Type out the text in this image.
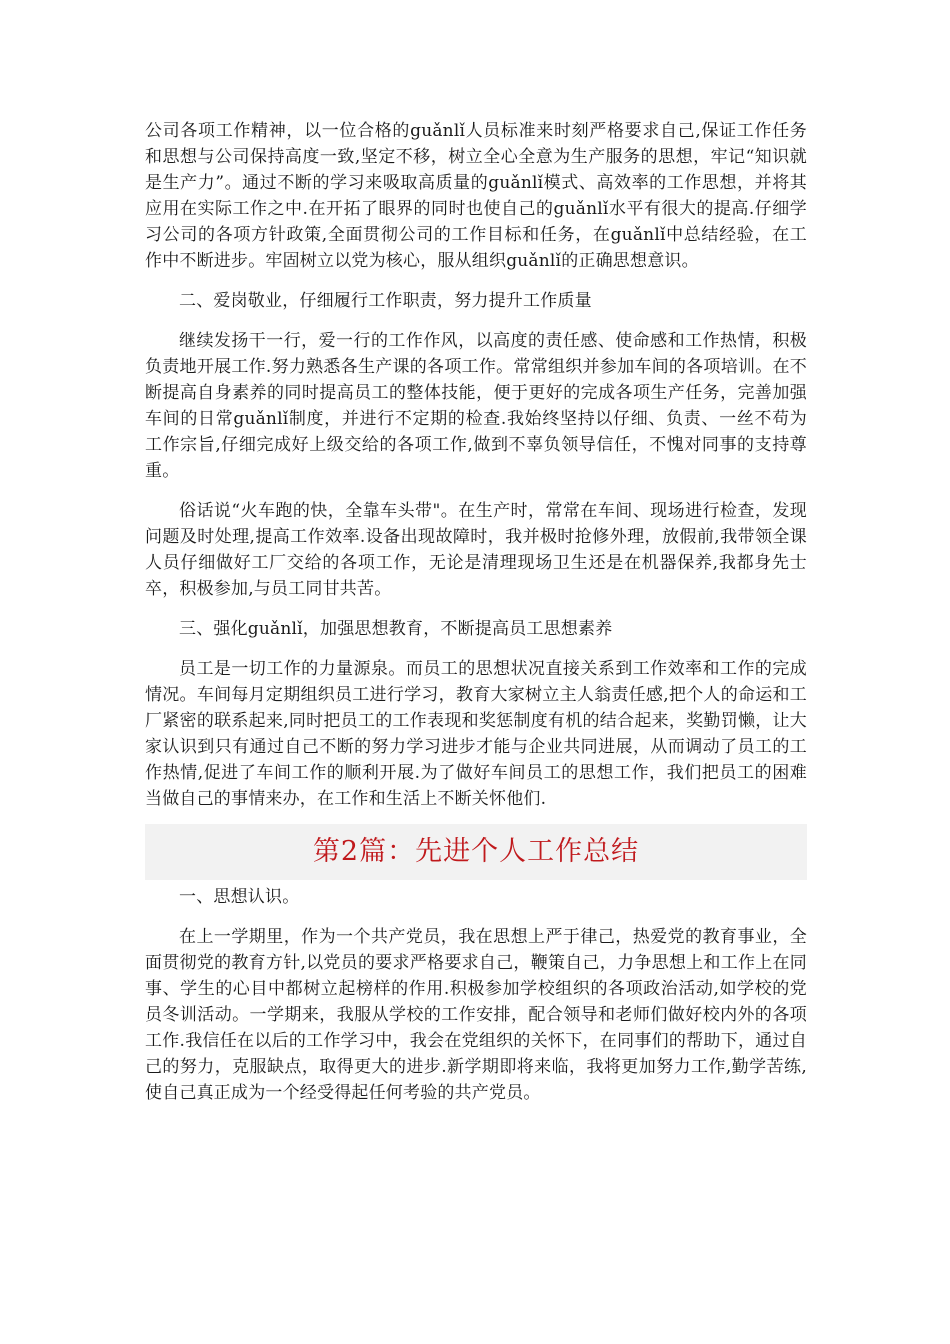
公司各项工作精神，以一位合格的guǎnlǐ人员标准来时刻严格要求自己,保证工作任务和思想与公司保持高度一致,坚定不移，树立全心全意为生产服务的思想，牢记“知识就是生产力”。通过不断的学习来吸取高质量的guǎnlǐ模式、高效率的工作思想，并将其应用在实际工作之中.在开拓了眼界的同时也使自己的guǎnlǐ水平有很大的提高.仔细学习公司的各项方针政策,全面贯彻公司的工作目标和任务，在guǎnlǐ中总结经验，在工作中不断进步。牢固树立以党为核心，服从组织guǎnlǐ的正确思想意识。

二、爱岗敬业，仔细履行工作职责，努力提升工作质量

继续发扬干一行，爱一行的工作作风，以高度的责任感、使命感和工作热情，积极负责地开展工作.努力熟悉各生产课的各项工作。常常组织并参加车间的各项培训。在不断提高自身素养的同时提高员工的整体技能，便于更好的完成各项生产任务，完善加强车间的日常guǎnlǐ制度，并进行不定期的检查.我始终坚持以仔细、负责、一丝不苟为工作宗旨,仔细完成好上级交给的各项工作,做到不辜负领导信任，不愧对同事的支持尊重。

俗话说“火车跑的快，全靠车头带"。在生产时，常常在车间、现场进行检查，发现问题及时处理,提高工作效率.设备出现故障时，我并极时抢修外理，放假前,我带领全课人员仔细做好工厂交给的各项工作，无论是清理现场卫生还是在机器保养,我都身先士卒，积极参加,与员工同甘共苦。

三、强化guǎnlǐ，加强思想教育，不断提高员工思想素养

员工是一切工作的力量源泉。而员工的思想状况直接关系到工作效率和工作的完成情况。车间每月定期组织员工进行学习，教育大家树立主人翁责任感,把个人的命运和工厂紧密的联系起来,同时把员工的工作表现和奖惩制度有机的结合起来，奖勤罚懒，让大家认识到只有通过自己不断的努力学习进步才能与企业共同进展，从而调动了员工的工作热情,促进了车间工作的顺利开展.为了做好车间员工的思想工作，我们把员工的困难当做自己的事情来办，在工作和生活上不断关怀他们.

第2篇：先进个人工作总结

一、思想认识。

在上一学期里，作为一个共产党员，我在思想上严于律己，热爱党的教育事业，全面贯彻党的教育方针,以党员的要求严格要求自己，鞭策自己，力争思想上和工作上在同事、学生的心目中都树立起榜样的作用.积极参加学校组织的各项政治活动,如学校的党员冬训活动。一学期来，我服从学校的工作安排，配合领导和老师们做好校内外的各项工作.我信任在以后的工作学习中，我会在党组织的关怀下，在同事们的帮助下，通过自己的努力，克服缺点，取得更大的进步.新学期即将来临，我将更加努力工作,勤学苦练,使自己真正成为一个经受得起任何考验的共产党员。
